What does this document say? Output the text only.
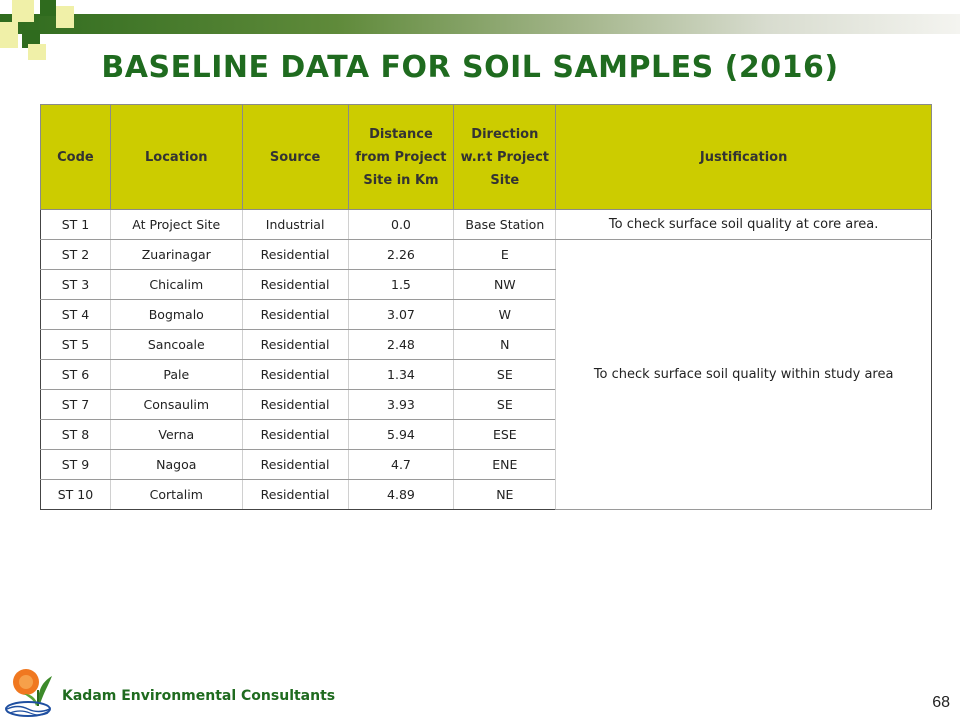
BASELINE DATA FOR SOIL SAMPLES (2016)
Code	Location	Source	Distance from Project Site in Km	Direction w.r.t Project Site	Justification
ST 1	At Project Site	Industrial	0.0	Base Station	To check surface soil quality at core area.
ST 2	Zuarinagar	Residential	2.26	E	To check surface soil quality within study area
ST 3	Chicalim	Residential	1.5	NW	
ST 4	Bogmalo	Residential	3.07	W	
ST 5	Sancoale	Residential	2.48	N	
ST 6	Pale	Residential	1.34	SE	
ST 7	Consaulim	Residential	3.93	SE	
ST 8	Verna	Residential	5.94	ESE	
ST 9	Nagoa	Residential	4.7	ENE	
ST 10	Cortalim	Residential	4.89	NE	
Kadam Environmental Consultants	68
